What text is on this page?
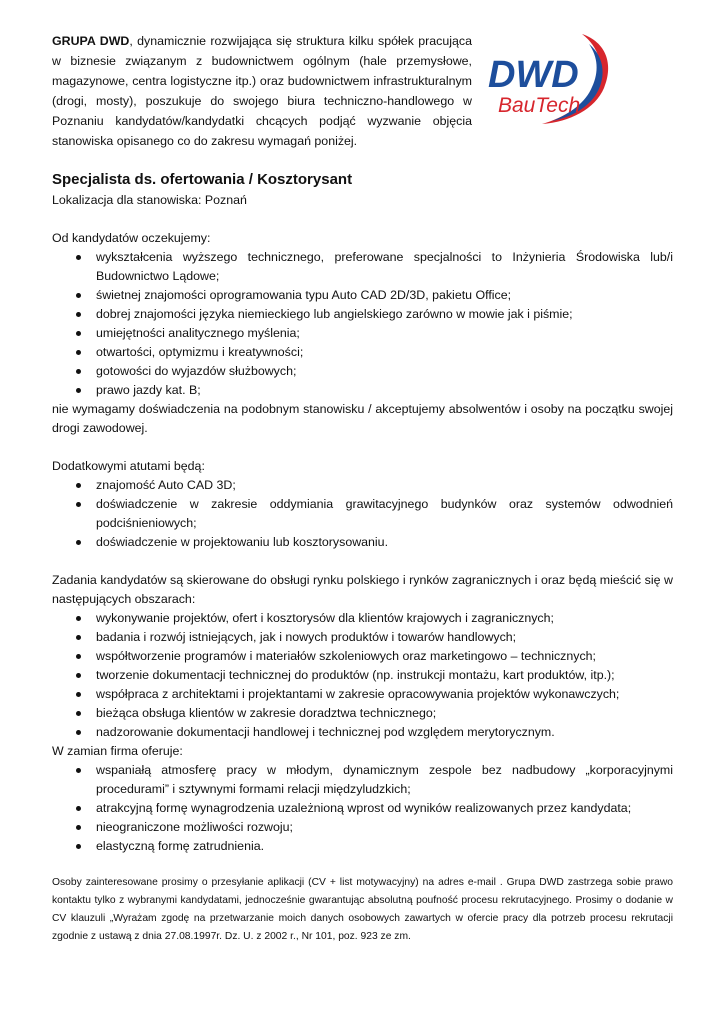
GRUPA DWD, dynamicznie rozwijająca się struktura kilku spółek pracująca w biznesie związanym z budownictwem ogólnym (hale przemysłowe, magazynowe, centra logistyczne itp.) oraz budownictwem infrastrukturalnym (drogi, mosty), poszukuje do swojego biura techniczno-handlowego w Poznaniu kandydatów/kandydatki chcących podjąć wyzwanie objęcia stanowiska opisanego co do zakresu wymagań poniżej.
DWD
BauTech
Specjalista ds. ofertowania / Kosztorysant

Lokalizacja dla stanowiska: Poznań

Od kandydatów oczekujemy:

wykształcenia wyższego technicznego, preferowane specjalności to Inżynieria Środowiska lub/i Budownictwo Lądowe;
świetnej znajomości oprogramowania typu Auto CAD 2D/3D, pakietu Office;
dobrej znajomości języka niemieckiego lub angielskiego zarówno w mowie jak i piśmie;
umiejętności analitycznego myślenia;
otwartości, optymizmu i kreatywności;
gotowości do wyjazdów służbowych;
prawo jazdy kat. B;

nie wymagamy doświadczenia na podobnym stanowisku / akceptujemy absolwentów i osoby na początku swojej drogi zawodowej.

Dodatkowymi atutami będą:

znajomość Auto CAD 3D;
doświadczenie w zakresie oddymiania grawitacyjnego budynków oraz systemów odwodnień podciśnieniowych;
doświadczenie w projektowaniu lub kosztorysowaniu.

Zadania kandydatów są skierowane do obsługi rynku polskiego i rynków zagranicznych i oraz będą mieścić się w następujących obszarach:

wykonywanie projektów, ofert i kosztorysów dla klientów krajowych i zagranicznych;
badania i rozwój istniejących, jak i nowych produktów i towarów handlowych;
współtworzenie programów i materiałów szkoleniowych oraz marketingowo – technicznych;
tworzenie dokumentacji technicznej do produktów (np. instrukcji montażu, kart produktów, itp.);
współpraca z architektami i projektantami w zakresie opracowywania projektów wykonawczych;
bieżąca obsługa klientów w zakresie doradztwa technicznego;
nadzorowanie dokumentacji handlowej i technicznej pod względem merytorycznym.

W zamian firma oferuje:

wspaniałą atmosferę pracy w młodym, dynamicznym zespole bez nadbudowy „korporacyjnymi procedurami” i sztywnymi formami relacji międzyludzkich;
atrakcyjną formę wynagrodzenia uzależnioną wprost od wyników realizowanych przez kandydata;
nieograniczone możliwości rozwoju;
elastyczną formę zatrudnienia.

Osoby zainteresowane prosimy o przesyłanie aplikacji (CV + list motywacyjny) na adres e-mail . Grupa DWD zastrzega sobie prawo kontaktu tylko z wybranymi kandydatami, jednocześnie gwarantując absolutną poufność procesu rekrutacyjnego. Prosimy o dodanie w CV klauzuli „Wyrażam zgodę na przetwarzanie moich danych osobowych zawartych w ofercie pracy dla potrzeb procesu rekrutacji zgodnie z ustawą z dnia 27.08.1997r. Dz. U. z 2002 r., Nr 101, poz. 923 ze zm.
